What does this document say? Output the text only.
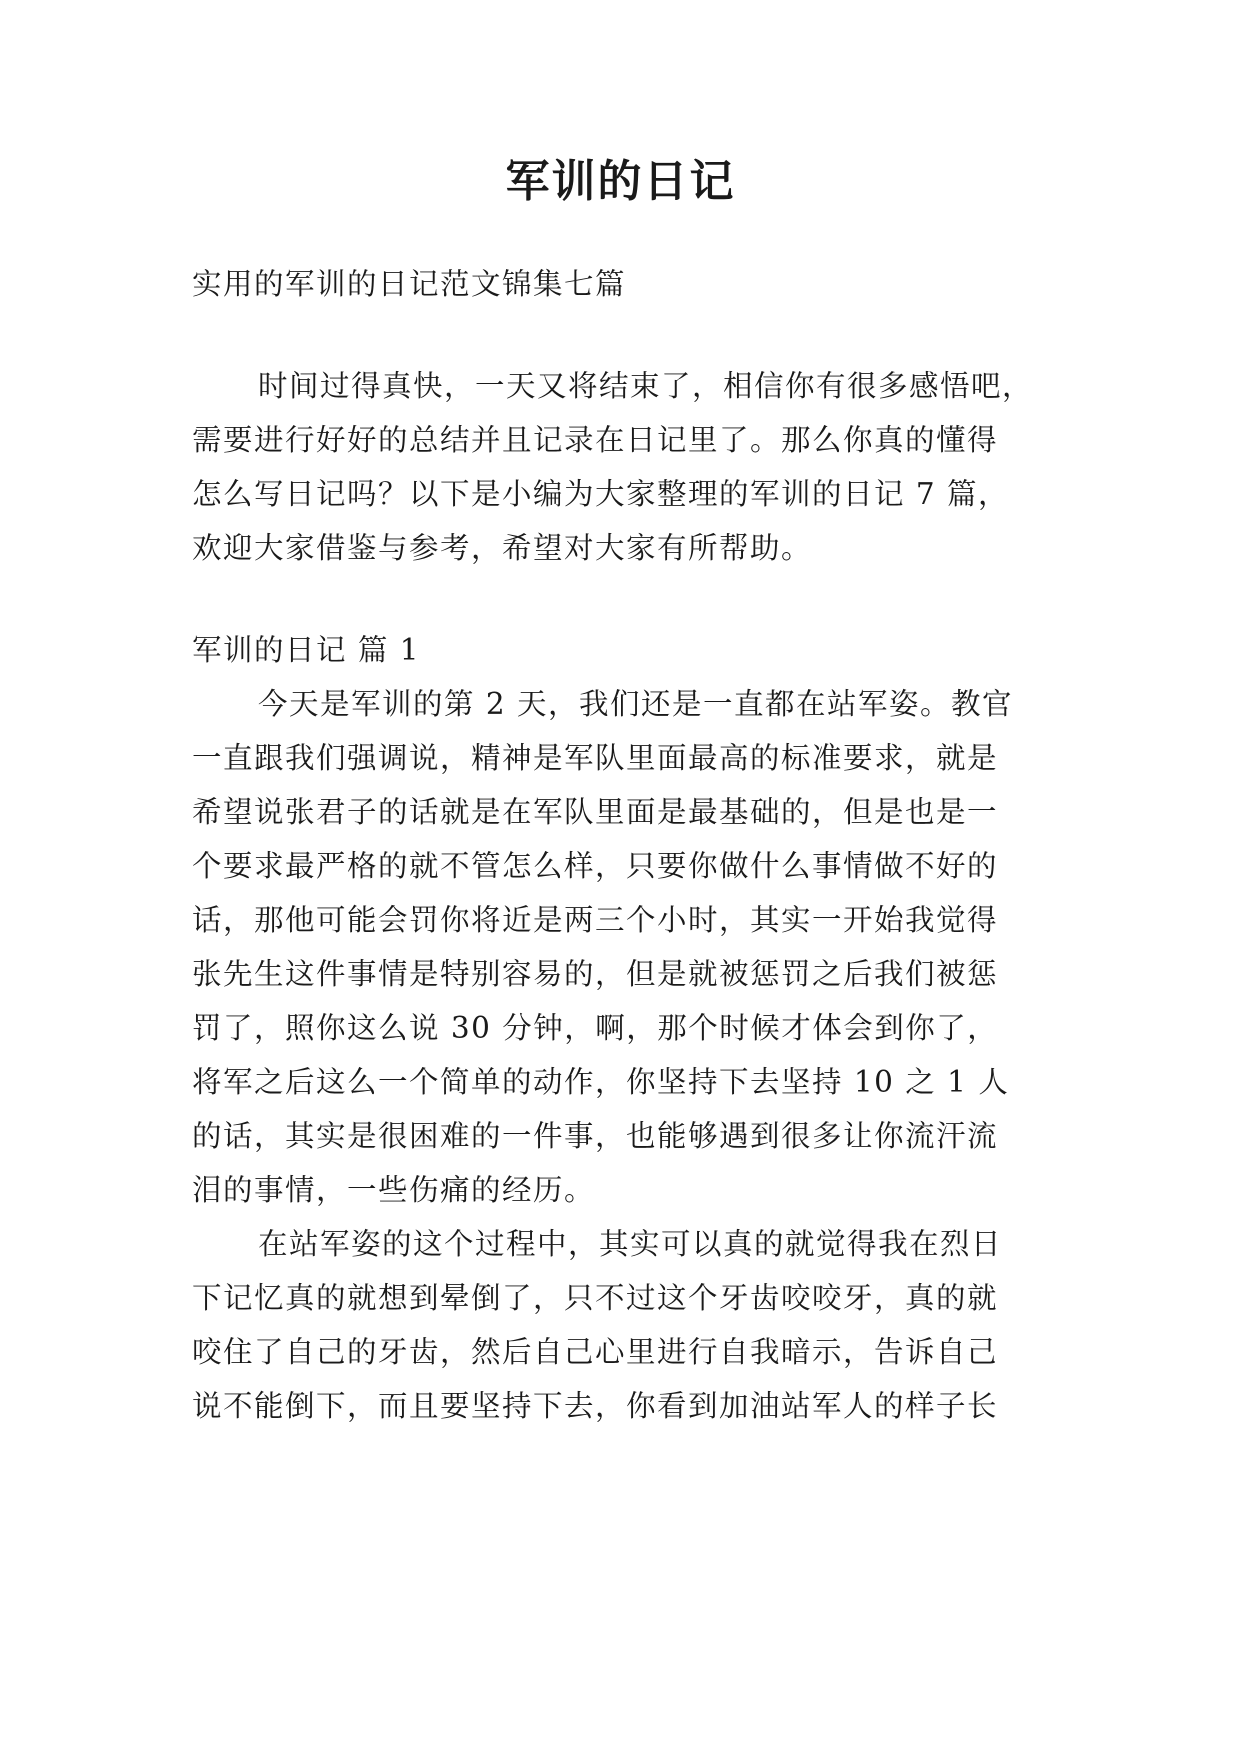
军训的日记
实用的军训的日记范文锦集七篇
时间过得真快，一天又将结束了，相信你有很多感悟吧，
需要进行好好的总结并且记录在日记里了。那么你真的懂得
怎么写日记吗？以下是小编为大家整理的军训的日记 7 篇，
欢迎大家借鉴与参考，希望对大家有所帮助。
军训的日记 篇 1
今天是军训的第 2 天，我们还是一直都在站军姿。教官
一直跟我们强调说，精神是军队里面最高的标准要求，就是
希望说张君子的话就是在军队里面是最基础的，但是也是一
个要求最严格的就不管怎么样，只要你做什么事情做不好的
话，那他可能会罚你将近是两三个小时，其实一开始我觉得
张先生这件事情是特别容易的，但是就被惩罚之后我们被惩
罚了，照你这么说 30 分钟，啊，那个时候才体会到你了，
将军之后这么一个简单的动作，你坚持下去坚持 10 之 1 人
的话，其实是很困难的一件事，也能够遇到很多让你流汗流
泪的事情，一些伤痛的经历。
在站军姿的这个过程中，其实可以真的就觉得我在烈日
下记忆真的就想到晕倒了，只不过这个牙齿咬咬牙，真的就
咬住了自己的牙齿，然后自己心里进行自我暗示，告诉自己
说不能倒下，而且要坚持下去，你看到加油站军人的样子长
